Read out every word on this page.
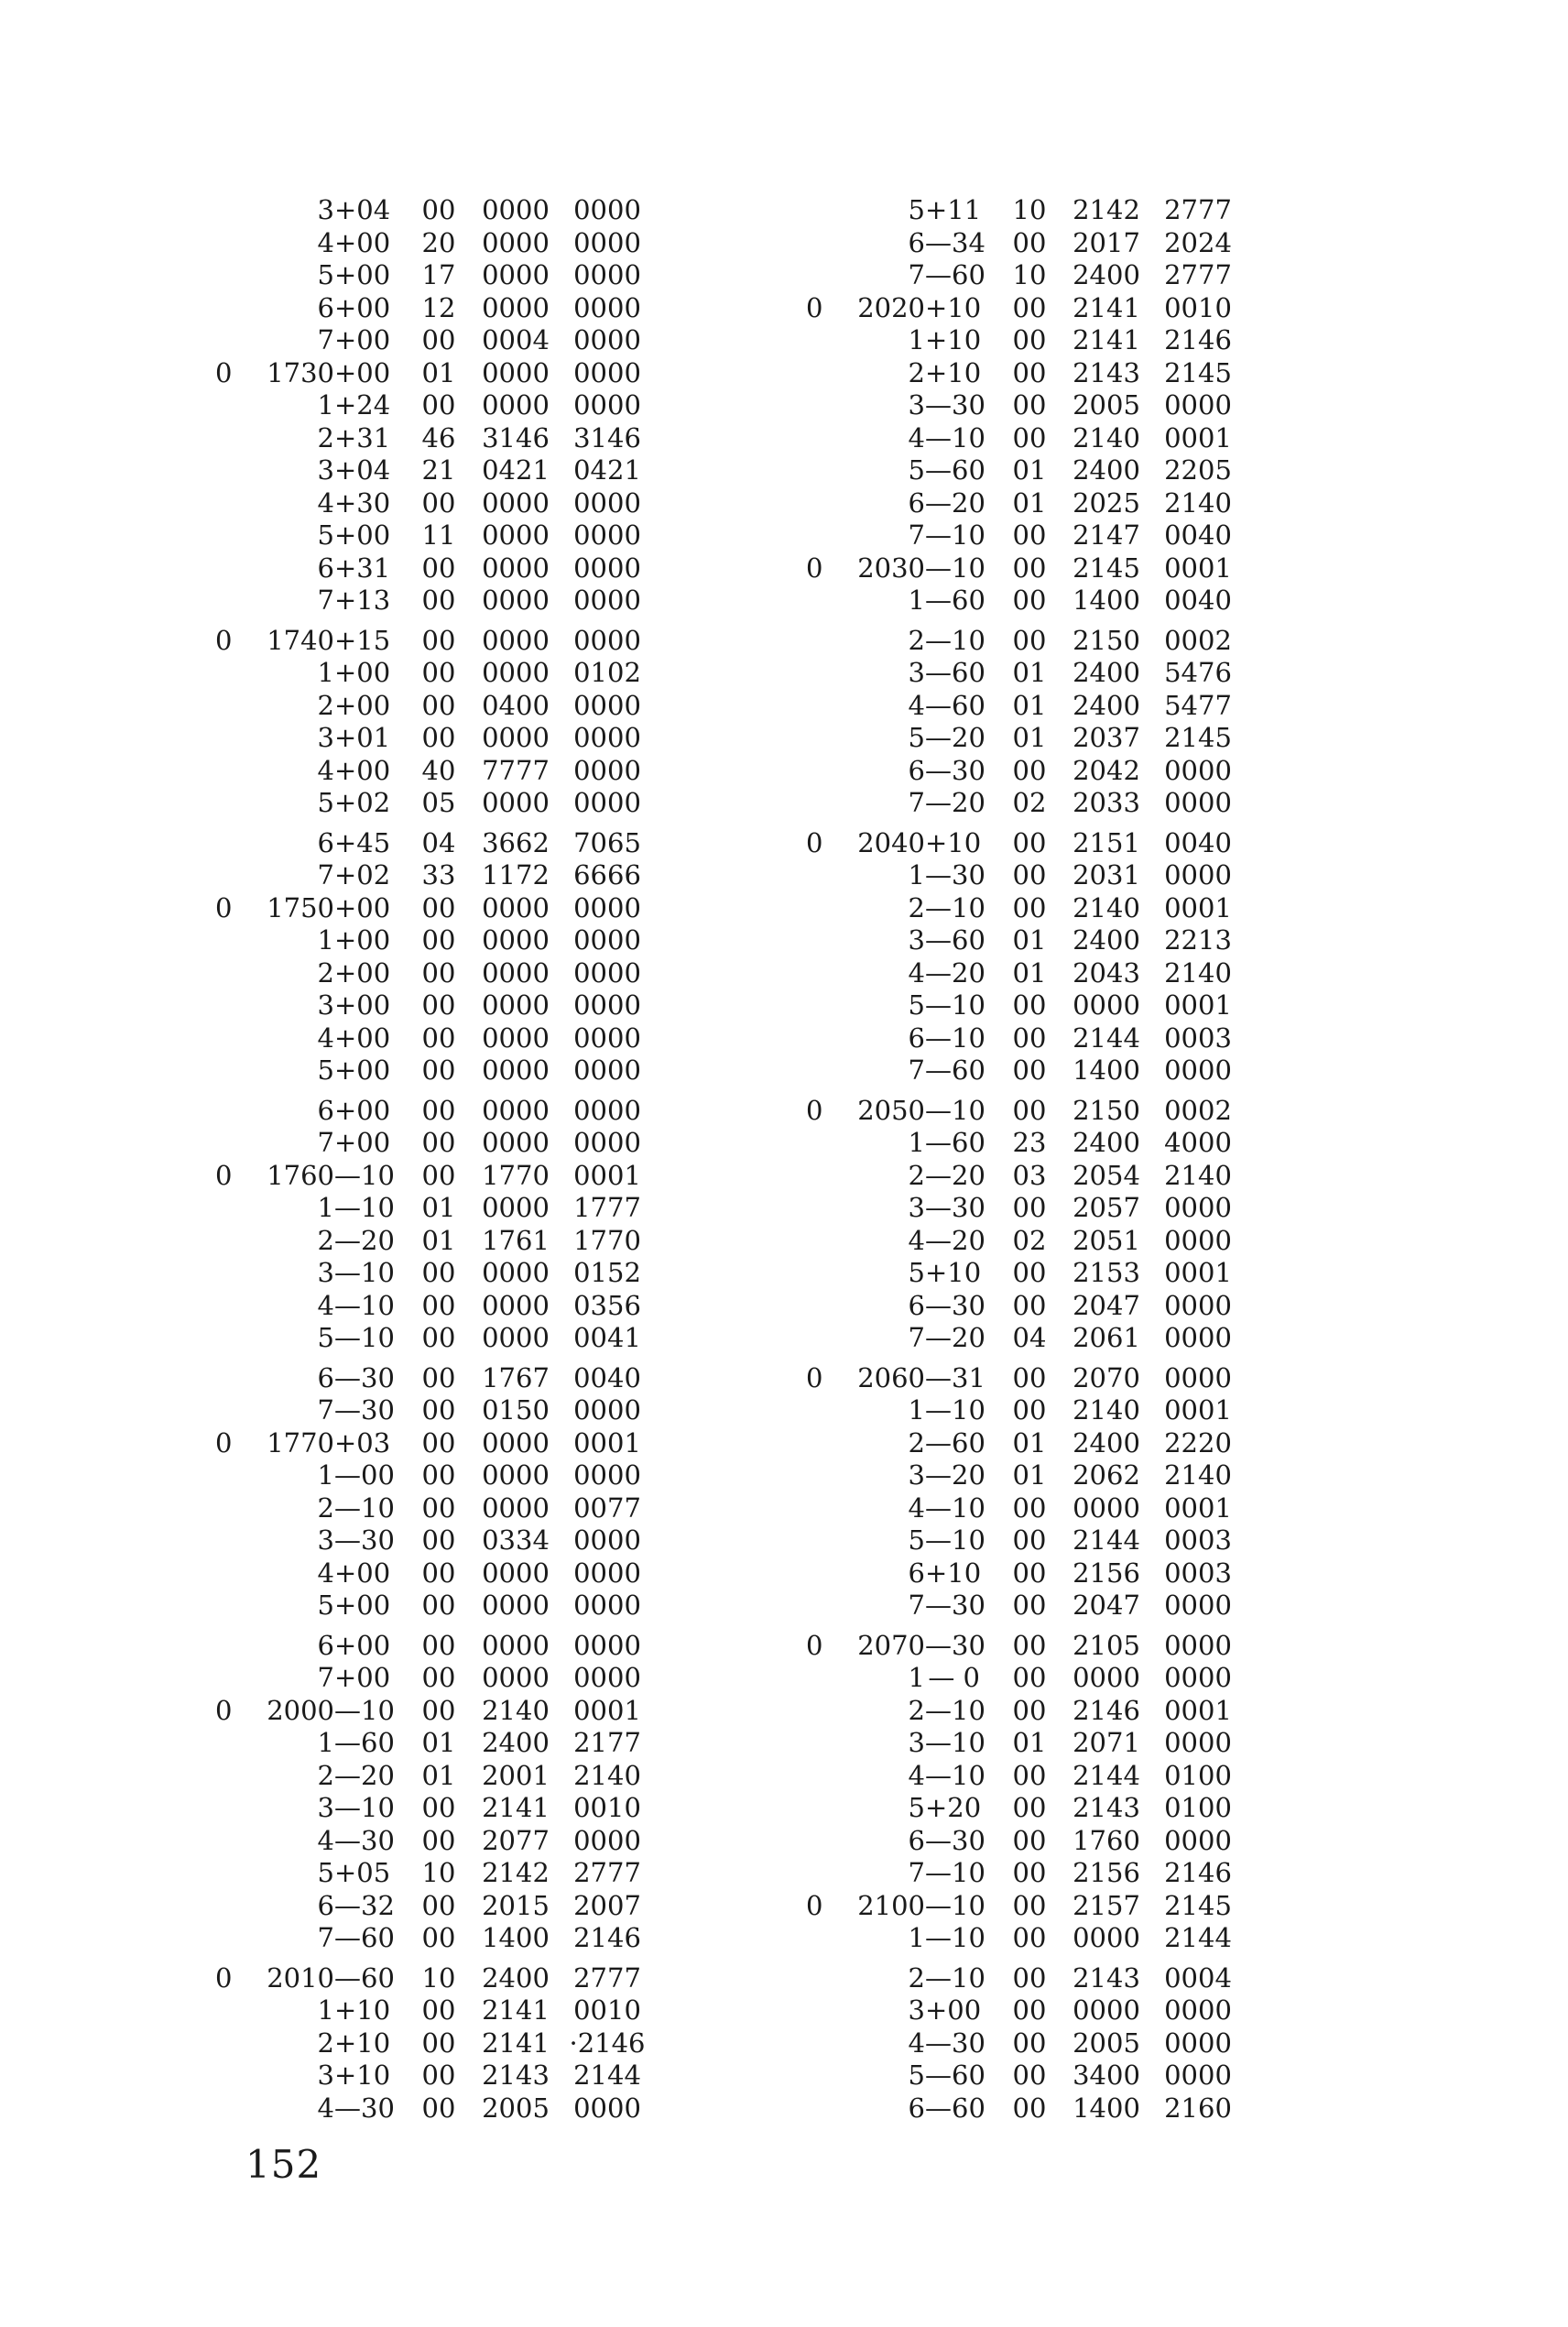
3 +04	00 0000 0000
4 +00	20 0000 0000
5 +00	17 0000 0000
6 +00	12 0000 0000
7 +00	00 0004 0000
0	1730 +00	01 0000 0000
1 +24	00 0000 0000
2 +31	46 3146 3146
3 +04	21 0421 0421
4 +30	00 0000 0000
5 +00	11 0000 0000
6 +31	00 0000 0000
7 +13	00 0000 0000
0	1740 +15	00 0000 0000
1 +00	00 0000 0102
2 +00	00 0400 0000
3 +01	00 0000 0000
4 +00	40 7777 0000
5 +02	05 0000 0000
6 +45	04 3662 7065
7 +02	33 1172 6666
0	1750 +00	00 0000 0000
1 +00	00 0000 0000
2 +00	00 0000 0000
3 +00	00 0000 0000
4 +00	00 0000 0000
5 +00	00 0000 0000
6 +00	00 0000 0000
7 +00	00 0000 0000
0	1760 —10 00 1770 0001
1 —10 01 0000 1777
2 —20 01 1761 1770
3 —10 00 0000 0152
4 —10 00 0000 0356
5 —10 00 0000 0041
6 —30 00 1767 0040
7 —30 00 0150 0000
0	1770 +03	00 0000 0001
1 —00 00 0000 0000
2 —10 00 0000 0077
3 —30 00 0334 0000
4 +00	00 0000 0000
5 +00	00 0000 0000
6 +00	00 0000 0000
7 +00	00 0000 0000
0	2000 —10 00 2140 0001
1 —60 01 2400 2177
2 —20 01 2001 2140
3 —10 00 2141 0010
4 —30 00 2077 0000
5 +05	10 2142 2777
6 —32 00 2015 2007
7 —60 00 1400 2146
0	2010 —60 10 2400 2777
1 +10	00 2141 0010
2 +10	00 2141 ·2146
3 +10	00 2143 2144
4 —30 00 2005 0000
5 +11	10 2142 2777
6 —34 00 2017 2024
7 —60 10 2400 2777
0	2020 +10	00 2141 0010
1 +10	00 2141 2146
2 +10	00 2143 2145
3 —30 00 2005 0000
4 —10 00 2140 0001
5 —60 01 2400 2205
6 —20 01 2025 2140
7 —10 00 2147 0040
0	2030 —10 00 2145 0001
1 —60 00 1400 0040
2 —10 00 2150 0002
3 —60 01 2400 5476
4 —60 01 2400 5477
5 —20 01 2037 2145
6 —30 00 2042 0000
7 —20 02 2033 0000
0	2040 +10	00 2151 0040
1 —30 00 2031 0000
2 —10 00 2140 0001
3 —60 01 2400 2213
4 —20 01 2043 2140
5 —10 00 0000 0001
6 —10 00 2144 0003
7 —60 00 1400 0000
0	2050 —10 00 2150 0002
1 —60 23 2400 4000
2 —20 03 2054 2140
3 —30 00 2057 0000
4 —20 02 2051 0000
5 +10	00 2153 0001
6 —30 00 2047 0000
7 —20 04 2061 0000
0	2060 —31 00 2070 0000
1 —10 00 2140 0001
2 —60 01 2400 2220
3 —20 01 2062 2140
4 —10 00 0000 0001
5 —10 00 2144 0003
6 +10	00 2156 0003
7 —30 00 2047 0000
0	2070 —30 00 2105 0000
1 — 0	00 0000 0000
2 —10 00 2146 0001
3 —10 01 2071 0000
4 —10 00 2144 0100
5 +20	00 2143 0100
6 —30 00 1760 0000
7 —10 00 2156 2146
0	2100 —10 00 2157 2145
1 —10 00 0000 2144
2 —10 00 2143 0004
3 +00	00 0000 0000
4 —30 00 2005 0000
5 —60 00 3400 0000
6 —60 00 1400 2160
152
